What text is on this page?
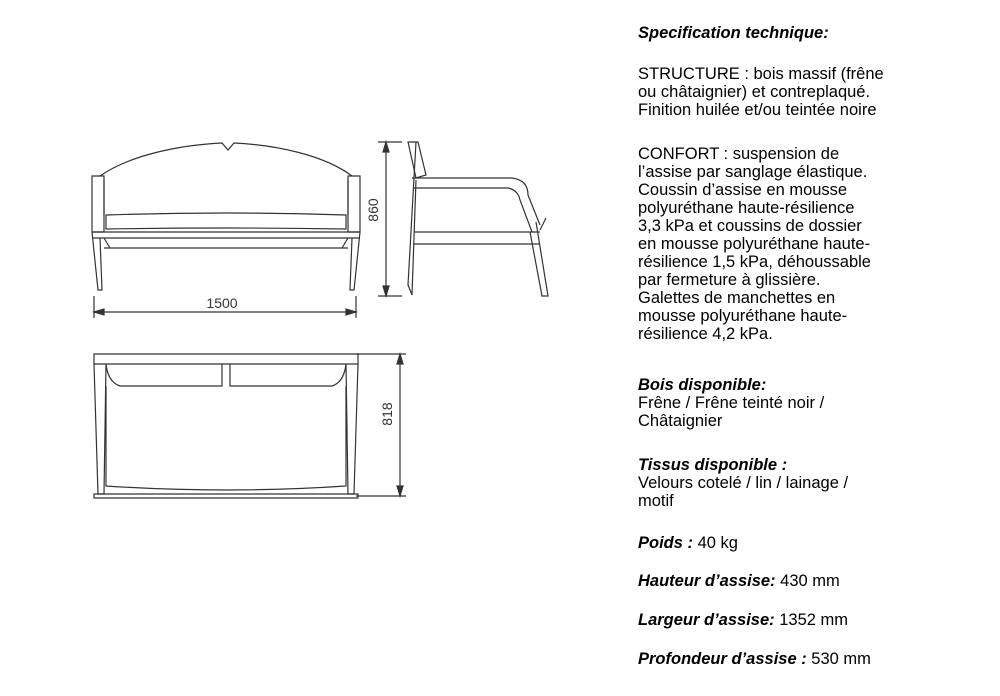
1500
860
818

Specification technique:

STRUCTURE : bois massif (frêne

ou châtaignier) et contreplaqué.

Finition huilée et/ou teintée noire

CONFORT : suspension de

l’assise par sanglage élastique.

Coussin d’assise en mousse

polyuréthane haute-résilience

3,3 kPa et coussins de dossier

en mousse polyuréthane haute-

résilience 1,5 kPa, déhoussable

par fermeture à glissière.

Galettes de manchettes en

mousse polyuréthane haute-

résilience 4,2 kPa.

Bois disponible:

Frêne / Frêne teinté noir /

Châtaignier

Tissus disponible :

Velours cotelé / lin / lainage /

motif

Poids : 40 kg

Hauteur d’assise: 430 mm

Largeur d’assise: 1352 mm

Profondeur d’assise : 530 mm
